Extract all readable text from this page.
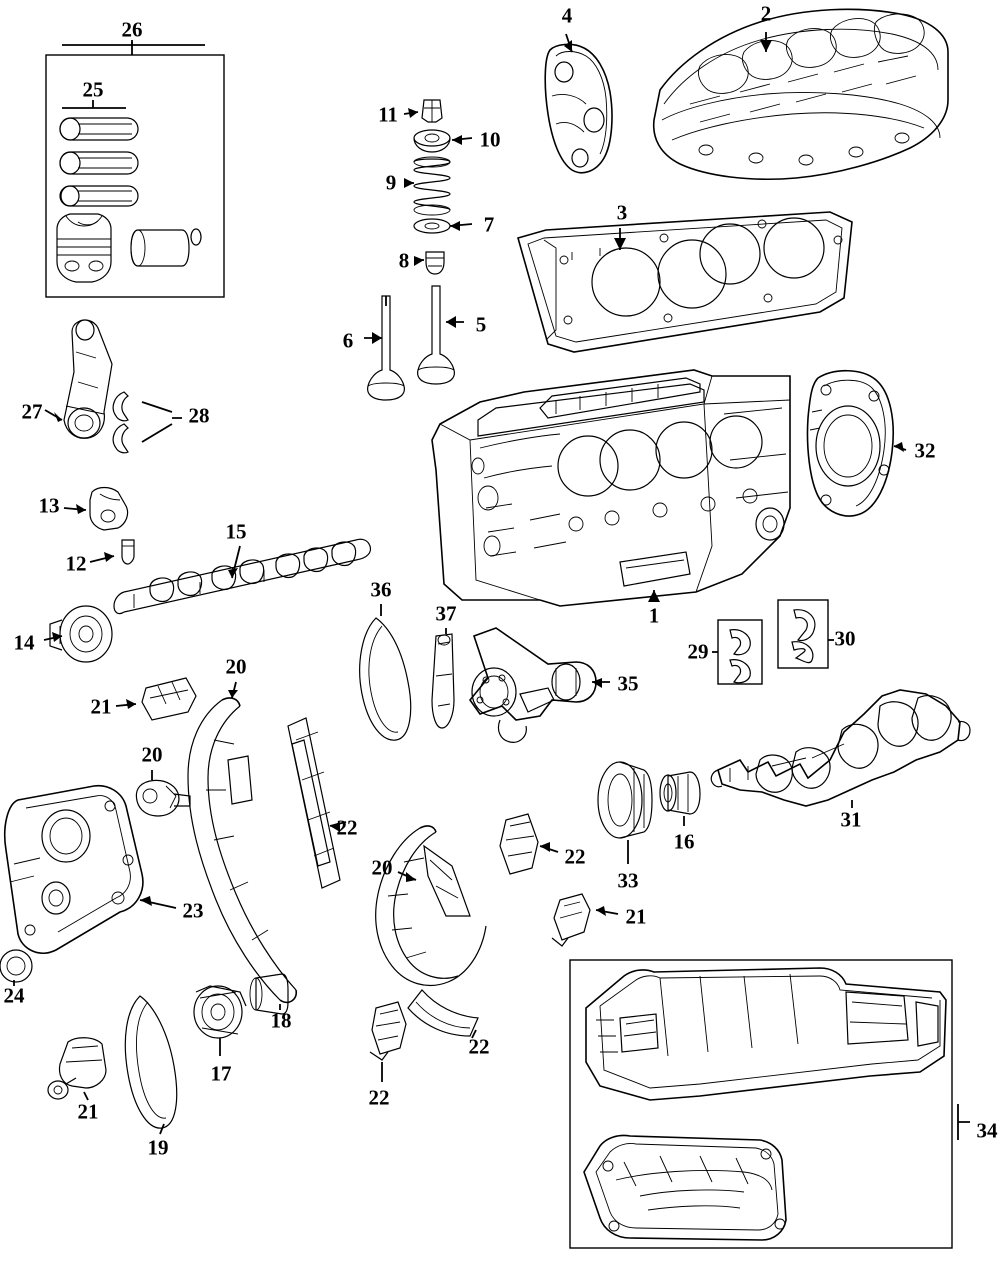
26
25
2
4
3
11
10
9
7
8
6
5
27	28
13
12
15
14
32
1
29
30
36
37
35
21
20
20
22	31
16
33
22
20
21
23
24
18
17
22
22
21
19
34
